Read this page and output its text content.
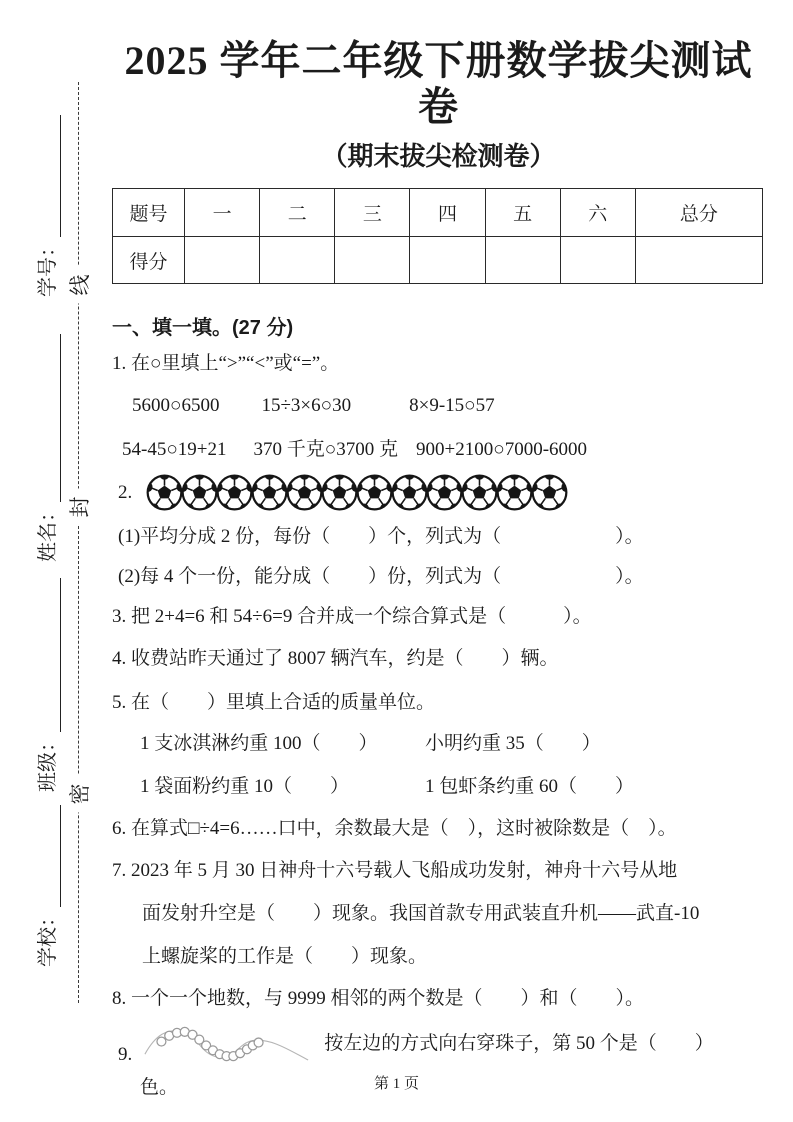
线
封
密
学号：
姓名：
班级：
学校：
2025 学年二年级下册数学拔尖测试卷
（期末拔尖检测卷）
题号	一	二	三	四	五	六	总分
得分							
一、填一填。(27 分)

1. 在○里填上“>”“<”或“=”。

5600○6500 15÷3×6○30	8×9-15○57
54-45○19+21 370 千克○3700 克 900+2100○7000-6000
2.

(1)平均分成 2 份，每份（　　）个，列式为（　　　　　　）。

(2)每 4 个一份，能分成（　　）份，列式为（　　　　　　）。

3. 把 2+4=6 和 54÷6=9 合并成一个综合算式是（　　　）。

4. 收费站昨天通过了 8007 辆汽车，约是（　　）辆。

5. 在（　　）里填上合适的质量单位。

1 支冰淇淋约重 100（　　）	小明约重 35（　　）
1 袋面粉约重 10（　　）	1 包虾条约重 60（　　）

6. 在算式□÷4=6……口中，余数最大是（　），这时被除数是（　）。

7. 2023 年 5 月 30 日神舟十六号载人飞船成功发射，神舟十六号从地

面发射升空是（　　）现象。我国首款专用武装直升机——武直-10

上螺旋桨的工作是（　　）现象。

8. 一个一个地数，与 9999 相邻的两个数是（　　）和（　　）。

9.
按左边的方式向右穿珠子，第 50 个是（　　）

色。	第 1 页
